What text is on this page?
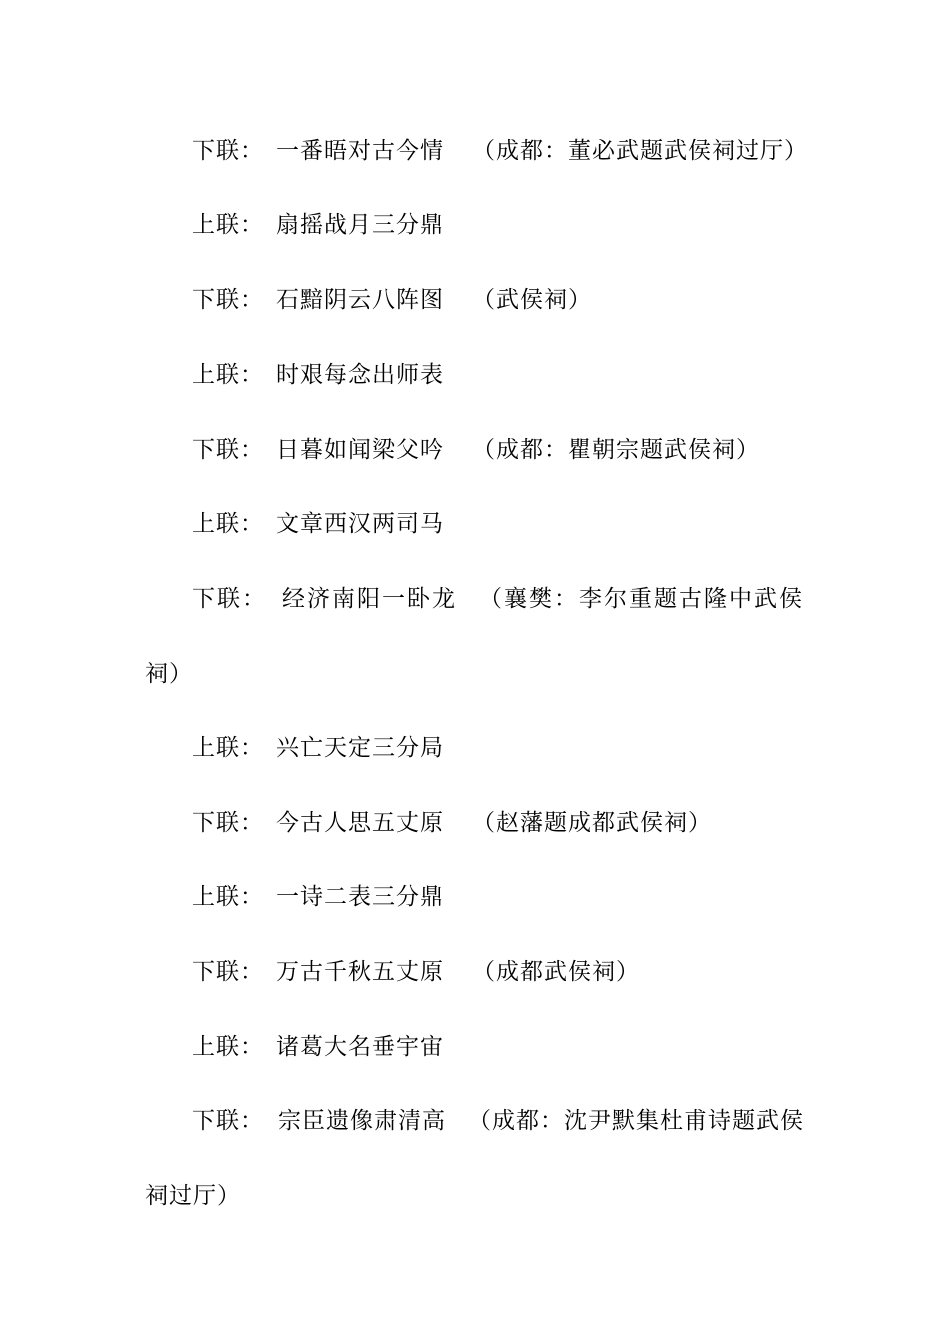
下联： 一番晤对古今情 （成都：董必武题武侯祠过厅）
上联： 扇摇战月三分鼎
下联： 石黯阴云八阵图 （武侯祠）
上联： 时艰每念出师表
下联： 日暮如闻梁父吟 （成都：瞿朝宗题武侯祠）
上联： 文章西汉两司马
下联： 经济南阳一卧龙 （襄樊：李尔重题古隆中武侯
祠）
上联： 兴亡天定三分局
下联： 今古人思五丈原 （赵藩题成都武侯祠）
上联： 一诗二表三分鼎
下联： 万古千秋五丈原 （成都武侯祠）
上联： 诸葛大名垂宇宙
下联： 宗臣遗像肃清高 （成都：沈尹默集杜甫诗题武侯
祠过厅）
